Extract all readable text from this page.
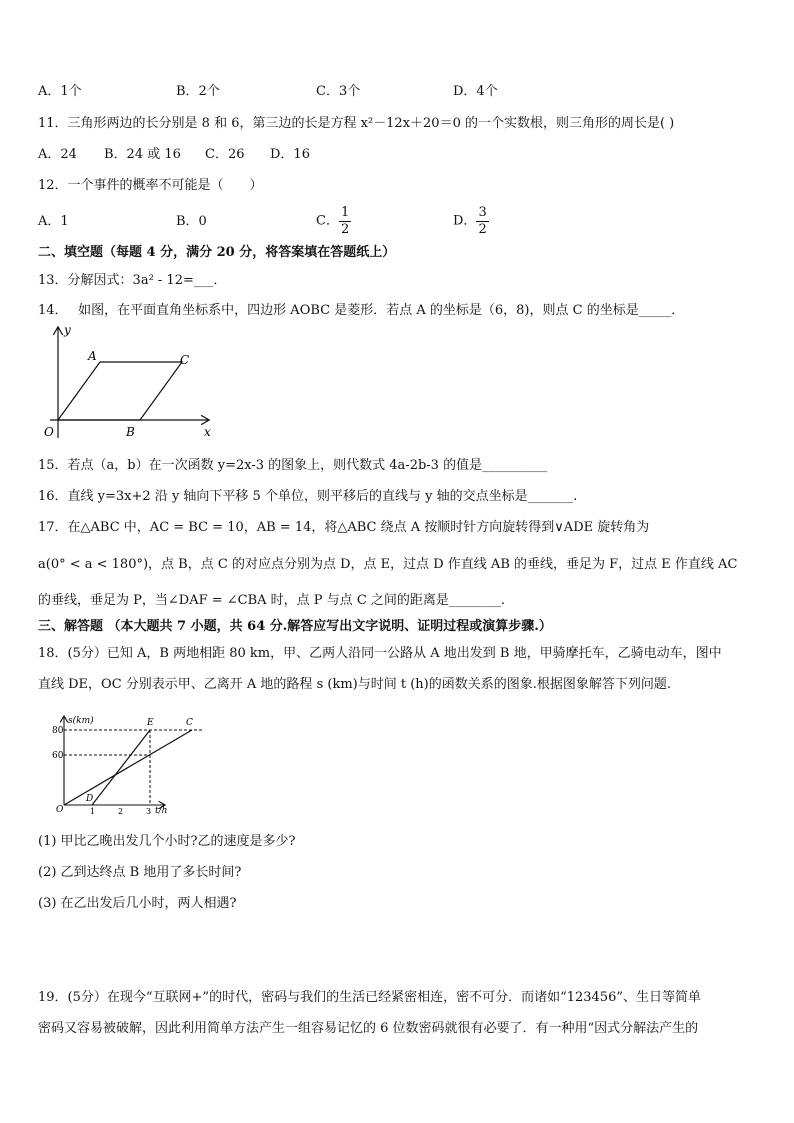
A．1个	B．2个	C．3个	D．4个
11．三角形两边的长分别是 8 和 6，第三边的长是方程 x²－12x＋20＝0 的一个实数根，则三角形的周长是( )
A．24 B．24 或 16 C．26 D．16
12．一个事件的概率不可能是（　　）
A．1	B．0	C． $\frac{1}{2}$	D． $\frac{3}{2}$
二、填空题（每题 4 分，满分 20 分，将答案填在答题纸上）
13．分解因式：3a² - 12=___．
14．　 如图，在平面直角坐标系中，四边形 AOBC 是菱形．若点 A 的坐标是（6，8)，则点 C 的坐标是_____．
y
x
O
A
B
C
15．若点（a，b）在一次函数 y=2x-3 的图象上，则代数式 4a-2b-3 的值是__________
16．直线 y=3x+2 沿 y 轴向下平移 5 个单位，则平移后的直线与 y 轴的交点坐标是_______.
17．在△ABC 中，AC = BC = 10，AB = 14，将△ABC 绕点 A 按顺时针方向旋转得到∨ADE 旋转角为
a(0° < a < 180°)，点 B，点 C 的对应点分别为点 D，点 E，过点 D 作直线 AB 的垂线，垂足为 F，过点 E 作直线 AC
的垂线，垂足为 P，当∠DAF = ∠CBA 时，点 P 与点 C 之间的距离是________.
三、解答题 （本大题共 7 小题，共 64 分.解答应写出文字说明、证明过程或演算步骤.）
18．(5分）已知 A，B 两地相距 80 km，甲、乙两人沿同一公路从 A 地出发到 B 地，甲骑摩托车，乙骑电动车，图中
直线 DE，OC 分别表示甲、乙离开 A 地的路程 s (km)与时间 t (h)的函数关系的图象.根据图象解答下列问题.
s(km)
t/h
80
60
1	2	3
O
D
E	C
(1) 甲比乙晚出发几个小时?乙的速度是多少?
(2) 乙到达终点 B 地用了多长时间?
(3) 在乙出发后几小时，两人相遇?
19．(5分）在现今“互联网+”的时代，密码与我们的生活已经紧密相连，密不可分．而诸如“123456”、生日等简单
密码又容易被破解，因此利用简单方法产生一组容易记忆的 6 位数密码就很有必要了．有一种用“因式分解法产生的
